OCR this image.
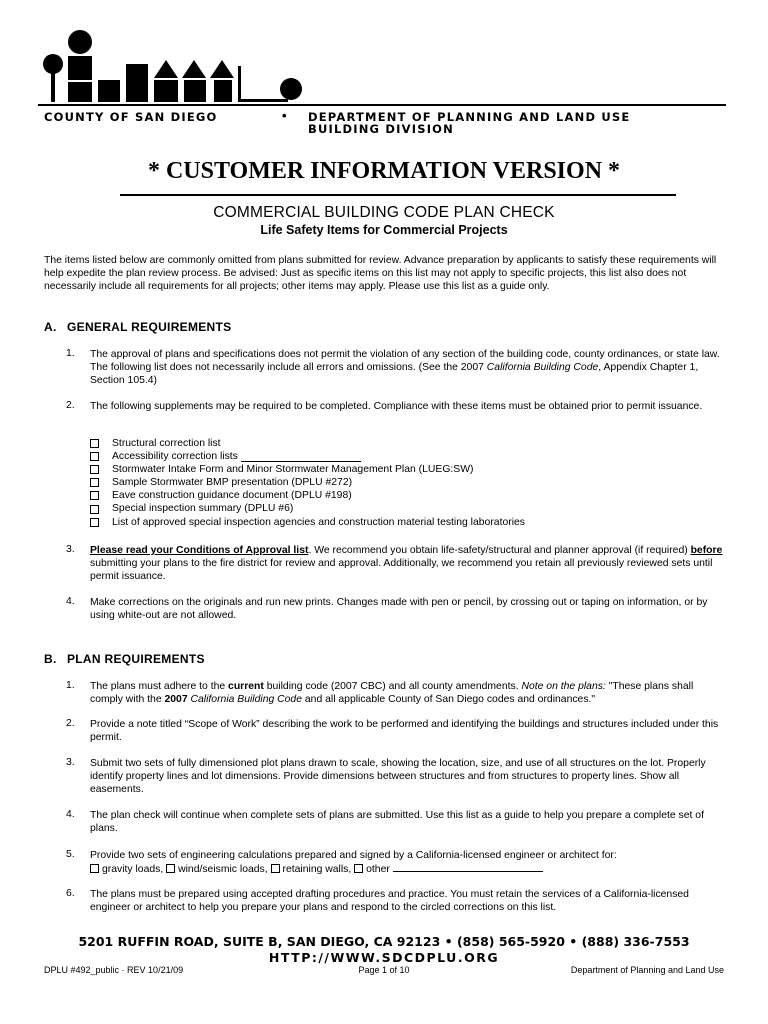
COUNTY OF SAN DIEGO	• DEPARTMENT OF PLANNING AND LAND USE
BUILDING DIVISION
* CUSTOMER INFORMATION VERSION *
COMMERCIAL BUILDING CODE PLAN CHECK
Life Safety Items for Commercial Projects
The items listed below are commonly omitted from plans submitted for review. Advance preparation by applicants to satisfy these requirements will help expedite the plan review process. Be advised: Just as specific items on this list may not apply to specific projects, this list also does not necessarily include all requirements for all projects; other items may apply. Please use this list as a guide only.
A. GENERAL REQUIREMENTS
1. The approval of plans and specifications does not permit the violation of any section of the building code, county ordinances, or state law. The following list does not necessarily include all errors and omissions. (See the 2007 California Building Code, Appendix Chapter 1, Section 105.4)
2. The following supplements may be required to be completed. Compliance with these items must be obtained prior to permit issuance.
Structural correction list
Accessibility correction lists

Stormwater Intake Form and Minor Stormwater Management Plan (LUEG:SW)
Sample Stormwater BMP presentation (DPLU #272)
Eave construction guidance document (DPLU #198)
Special inspection summary (DPLU #6)
List of approved special inspection agencies and construction material testing laboratories
3. Please read your Conditions of Approval list. We recommend you obtain life-safety/structural and planner approval (if required) before submitting your plans to the fire district for review and approval. Additionally, we recommend you retain all previously reviewed sets until permit issuance.
4. Make corrections on the originals and run new prints. Changes made with pen or pencil, by crossing out or taping on information, or by using white-out are not allowed.
B. PLAN REQUIREMENTS
1. The plans must adhere to the current building code (2007 CBC) and all county amendments. Note on the plans: "These plans shall comply with the 2007 California Building Code and all applicable County of San Diego codes and ordinances."
2. Provide a note titled “Scope of Work” describing the work to be performed and identifying the buildings and structures included under this permit.
3. Submit two sets of fully dimensioned plot plans drawn to scale, showing the location, size, and use of all structures on the lot. Properly identify property lines and lot dimensions. Provide dimensions between structures and from structures to property lines. Show all easements.
4. The plan check will continue when complete sets of plans are submitted. Use this list as a guide to help you prepare a complete set of plans.
5. Provide two sets of engineering calculations prepared and signed by a California-licensed engineer or architect for:
gravity loads, wind/seismic loads, retaining walls, other
6. The plans must be prepared using accepted drafting procedures and practice. You must retain the services of a California-licensed engineer or architect to help you prepare your plans and respond to the circled corrections on this list.
5201 RUFFIN ROAD, SUITE B, SAN DIEGO, CA 92123 • (858) 565-5920 • (888) 336-7553
HTTP://WWW.SDCDPLU.ORG
DPLU #492_public · REV 10/21/09	Page 1 of 10	Department of Planning and Land Use
